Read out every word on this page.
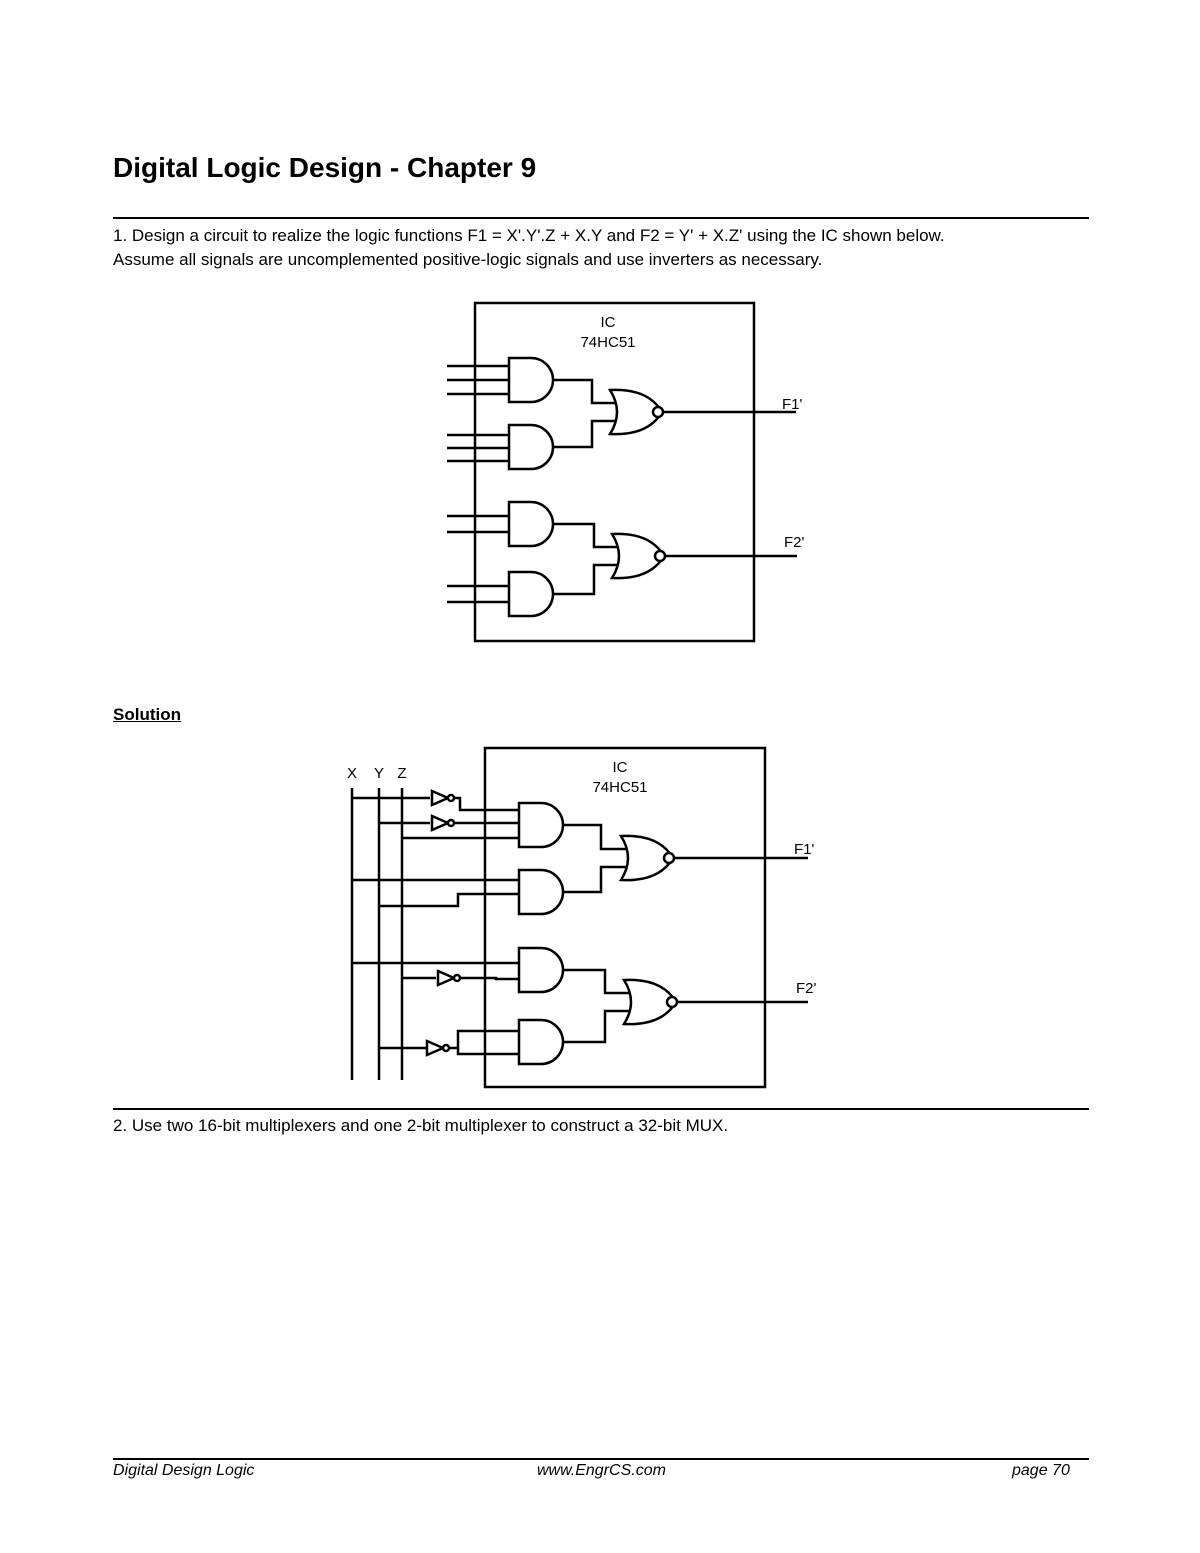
Digital Logic Design - Chapter 9

1. Design a circuit to realize the logic functions F1 = X'.Y'.Z + X.Y and F2 = Y' + X.Z' using the IC shown below.

Assume all signals are uncomplemented positive-logic signals and use inverters as necessary.

IC
74HC51
F1'
F2'
Solution
IC
74HC51
X Y Z
F1'
F2'
2. Use two 16-bit multiplexers and one 2-bit multiplexer to construct a 32-bit MUX.
Digital Design Logic	www.EngrCS.com	page 70
